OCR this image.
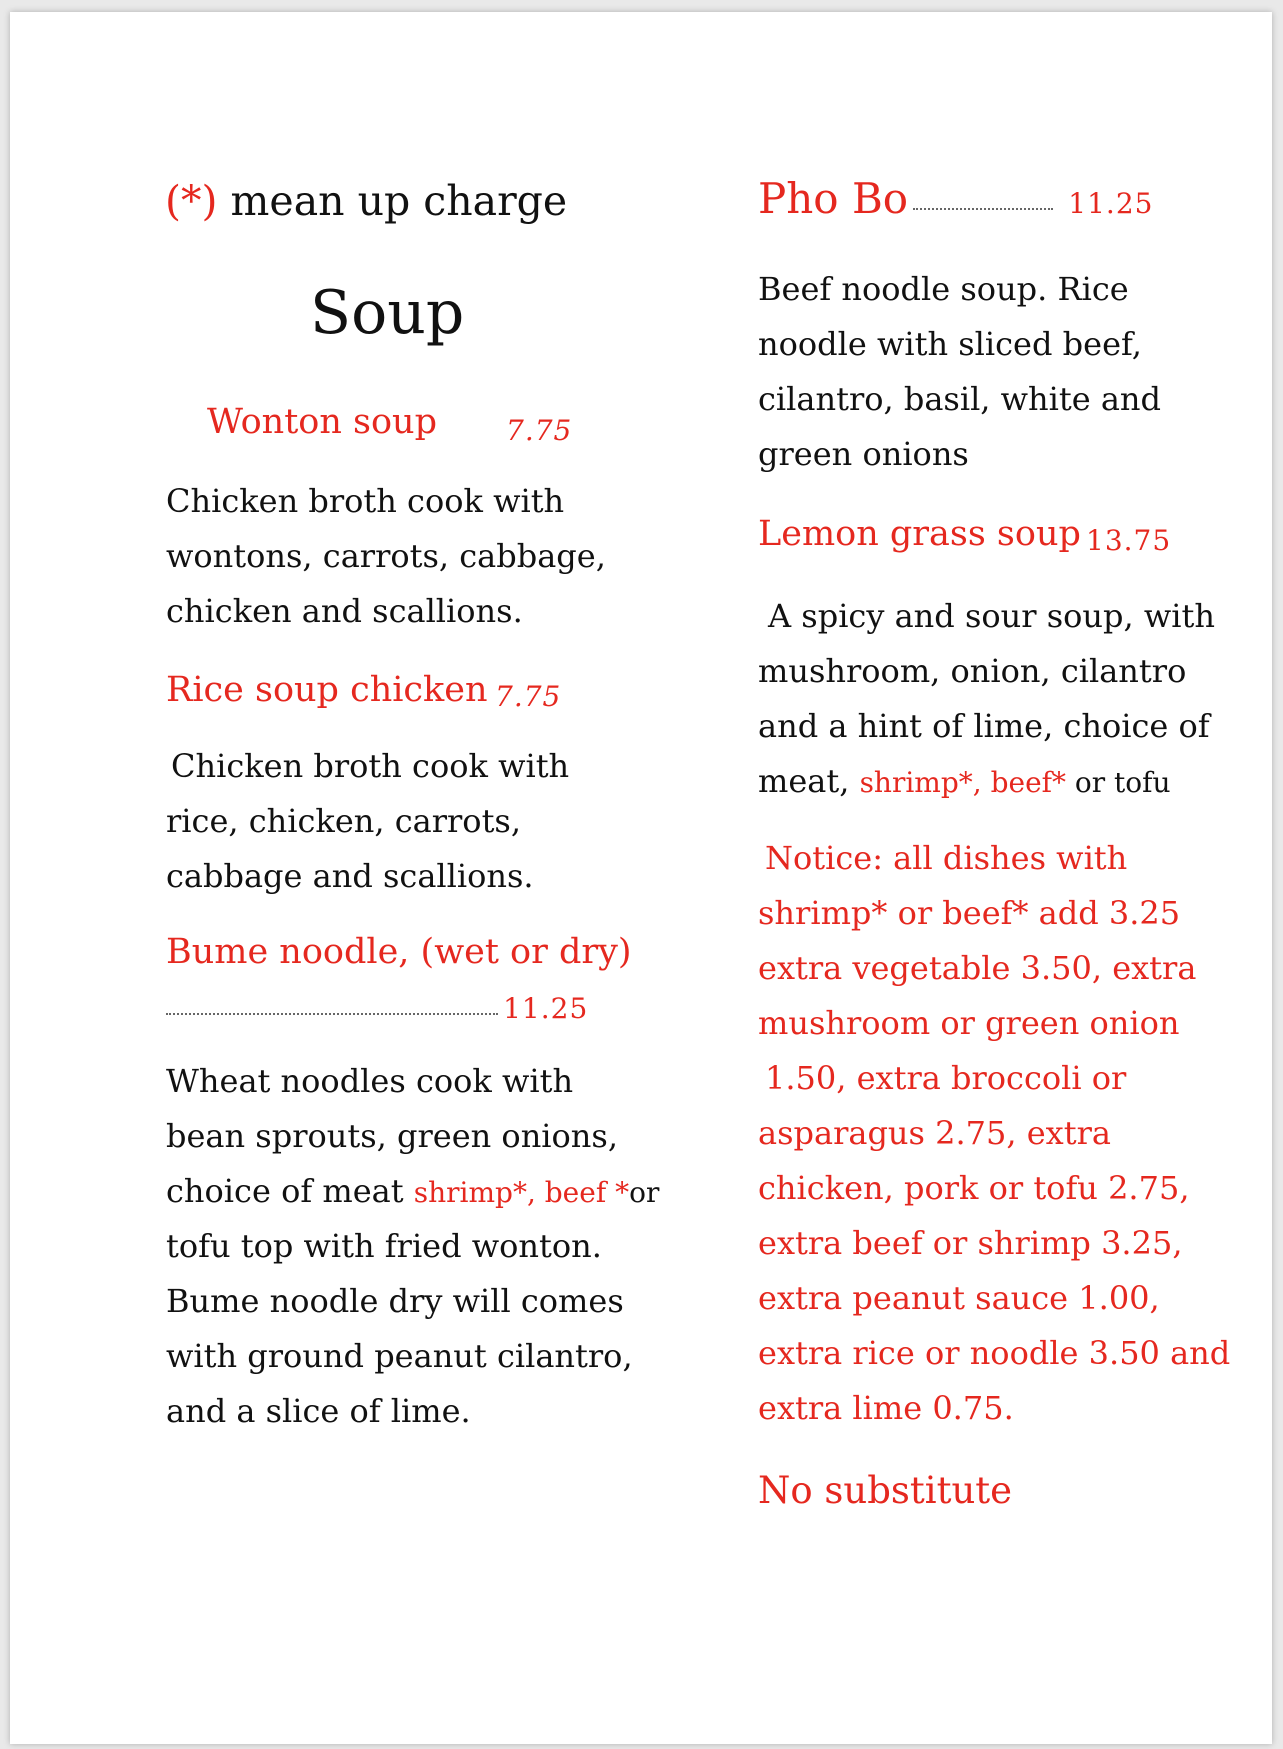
(*) mean up charge
Soup
Wonton soup 7.75
Chicken broth cook with
wontons, carrots, cabbage,
chicken and scallions.
Rice soup chicken 7.75
Chicken broth cook with
rice, chicken, carrots,
cabbage and scallions.
Bume noodle, (wet or dry)
11.25
Wheat noodles cook with
bean sprouts, green onions,
choice of meat shrimp*, beef *or
tofu top with fried wonton.
Bume noodle dry will comes
with ground peanut cilantro,
and a slice of lime.
Pho Bo	11.25
Beef noodle soup. Rice
noodle with sliced beef,
cilantro, basil, white and
green onions
Lemon grass soup 13.75
A spicy and sour soup, with
mushroom, onion, cilantro
and a hint of lime, choice of
meat, shrimp*, beef* or tofu
Notice: all dishes with
shrimp* or beef* add 3.25
extra vegetable 3.50, extra
mushroom or green onion
1.50, extra broccoli or
asparagus 2.75, extra
chicken, pork or tofu 2.75,
extra beef or shrimp 3.25,
extra peanut sauce 1.00,
extra rice or noodle 3.50 and
extra lime 0.75.
No substitute
